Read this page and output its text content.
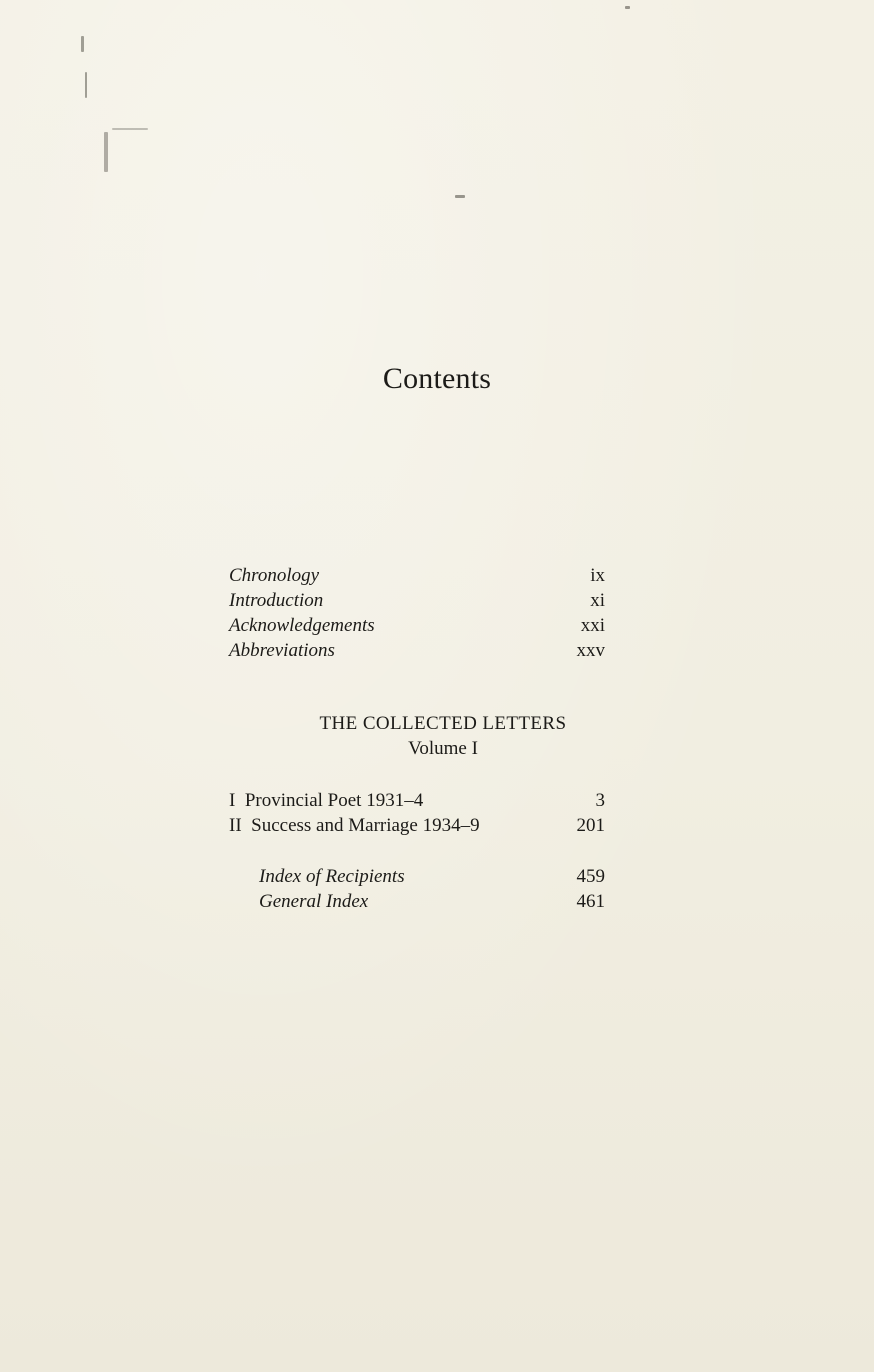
Contents
Chronology	ix
Introduction	xi
Acknowledgements	xxi
Abbreviations	xxv
THE COLLECTED LETTERS
Volume I
I  Provincial Poet 1931–4	3
II  Success and Marriage 1934–9	201
Index of Recipients	459
General Index	461
